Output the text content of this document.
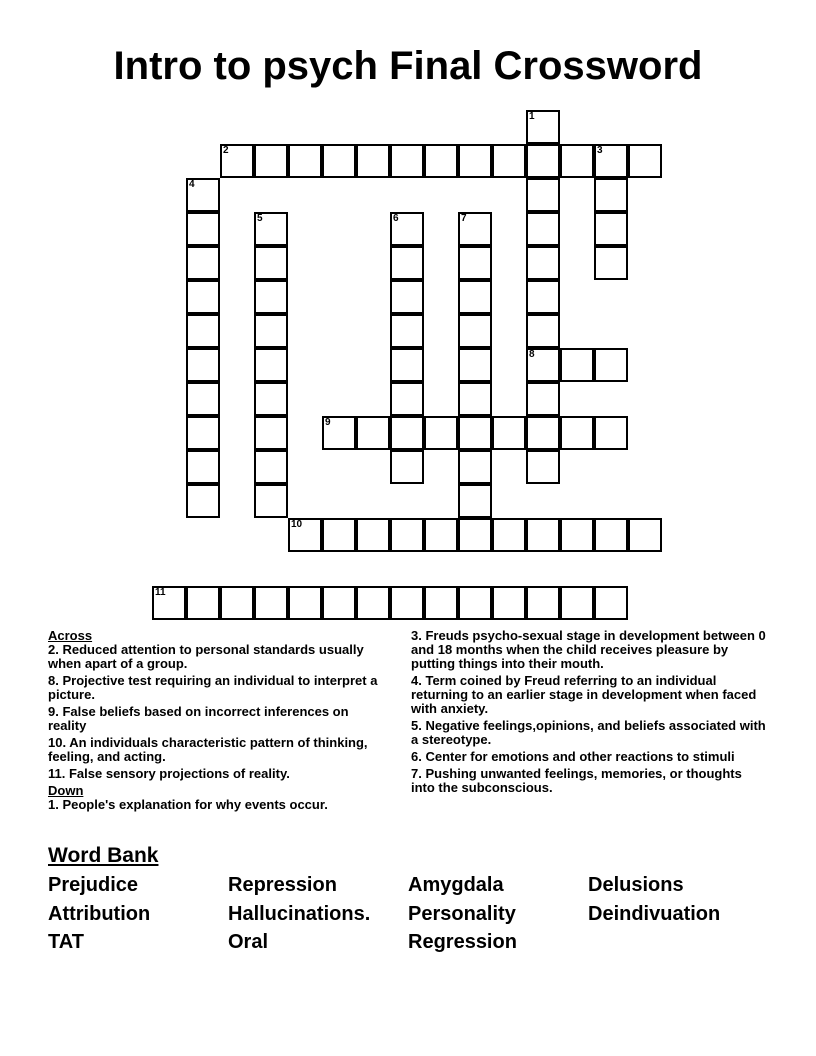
Intro to psych Final Crossword
2	3
8
9
10
11
1
4
5	6	7
Across
2. Reduced attention to personal standards usually when apart of a group.
8. Projective test requiring an individual to interpret a picture.
9. False beliefs based on incorrect inferences on reality
10. An individuals characteristic pattern of thinking, feeling, and acting.
11. False sensory projections of reality.
Down
1. People's explanation for why events occur.
3. Freuds psycho-sexual stage in development between 0 and 18 months when the child receives pleasure by putting things into their mouth.
4. Term coined by Freud referring to an individual returning to an earlier stage in development when faced with anxiety.
5. Negative feelings,opinions, and beliefs associated with a stereotype.
6. Center for emotions and other reactions to stimuli
7. Pushing unwanted feelings, memories, or thoughts into the subconscious.
Word Bank
Prejudice	Repression	Amygdala	Delusions
Attribution	Hallucinations. Personality	Deindivuation
TAT	Oral	Regression
